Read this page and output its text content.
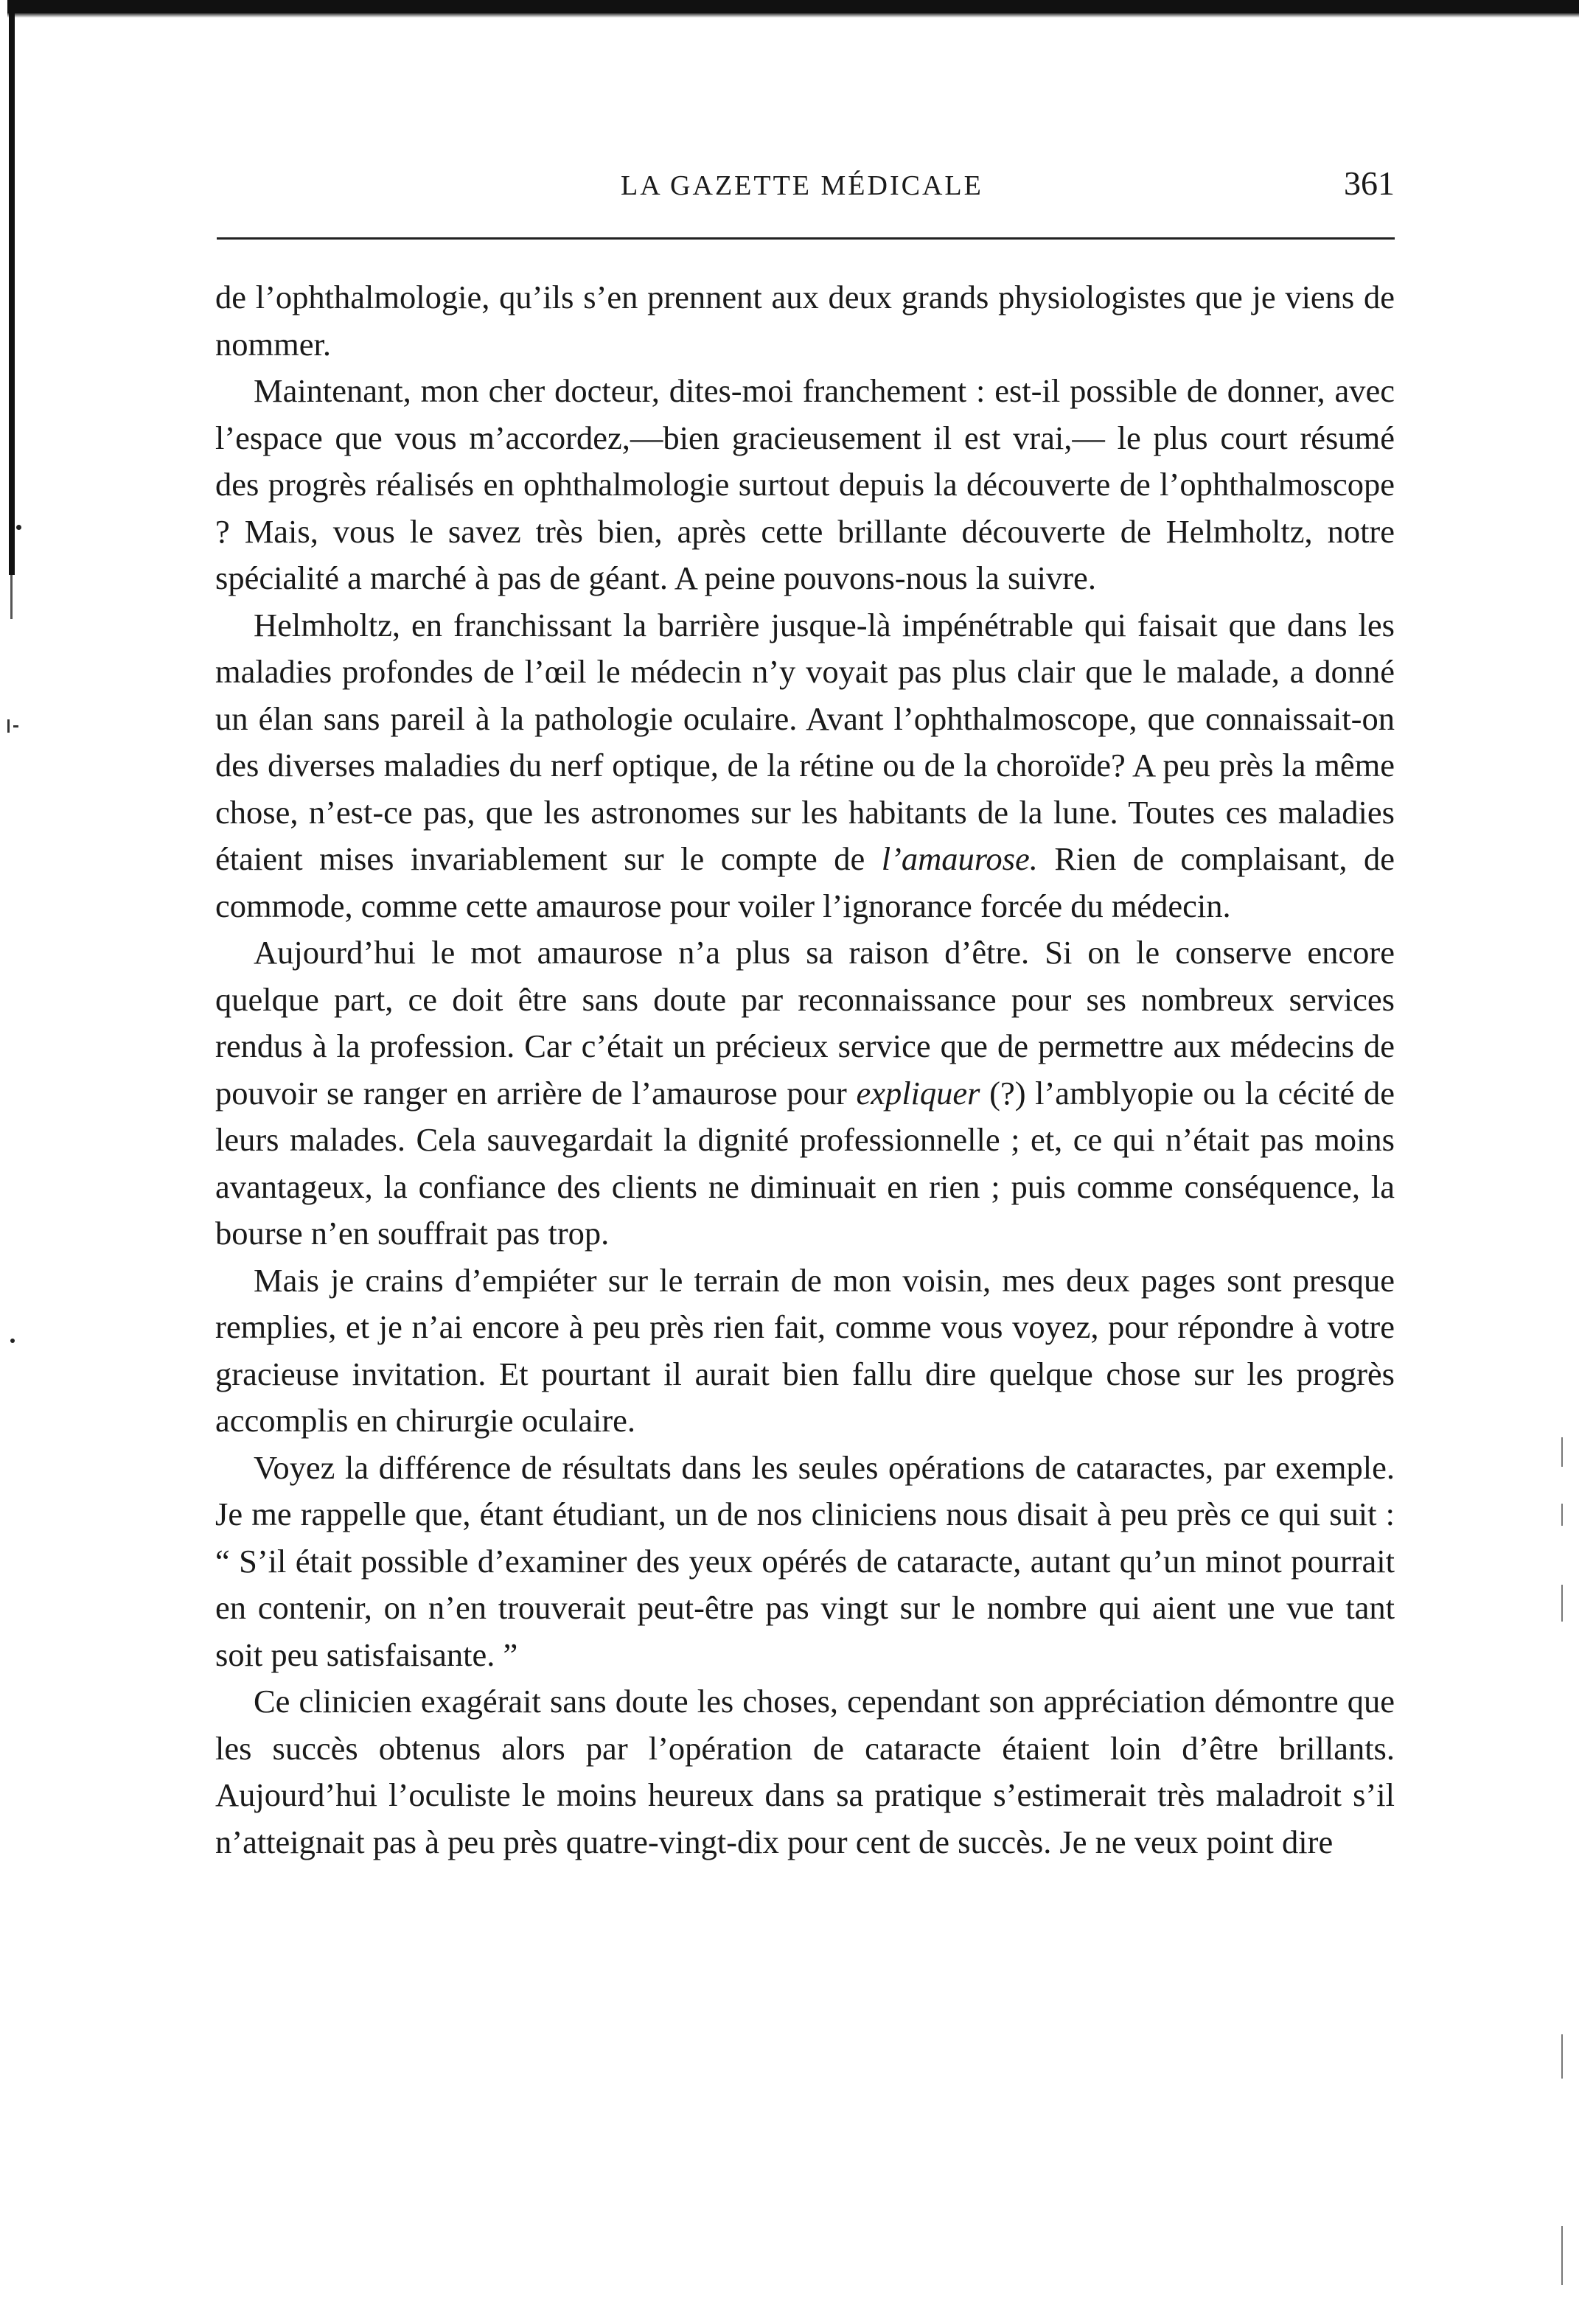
LA GAZETTE MÉDICALE	361

de l’ophthalmologie, qu’ils s’en prennent aux deux grands physiologistes que je viens de nommer.

Maintenant, mon cher docteur, dites-moi franchement : est-il possible de donner, avec l’espace que vous m’accordez,—bien gracieusement il est vrai,— le plus court résumé des progrès réalisés en ophthalmologie surtout depuis la découverte de l’ophthalmoscope ? Mais, vous le savez très bien, après cette brillante découverte de Helmholtz, notre spécialité a marché à pas de géant. A peine pouvons-nous la suivre.

Helmholtz, en franchissant la barrière jusque-là impénétrable qui faisait que dans les maladies profondes de l’œil le médecin n’y voyait pas plus clair que le malade, a donné un élan sans pareil à la pathologie oculaire. Avant l’ophthalmoscope, que connaissait-on des diverses maladies du nerf optique, de la rétine ou de la choroïde? A peu près la même chose, n’est-ce pas, que les astronomes sur les habitants de la lune. Toutes ces maladies étaient mises invariablement sur le compte de l’amaurose. Rien de complaisant, de commode, comme cette amaurose pour voiler l’ignorance forcée du médecin.

Aujourd’hui le mot amaurose n’a plus sa raison d’être. Si on le conserve encore quelque part, ce doit être sans doute par reconnaissance pour ses nombreux services rendus à la profession. Car c’était un précieux service que de permettre aux médecins de pouvoir se ranger en arrière de l’amaurose pour expliquer (?) l’amblyopie ou la cécité de leurs malades. Cela sauvegardait la dignité professionnelle ; et, ce qui n’était pas moins avantageux, la confiance des clients ne diminuait en rien ; puis comme conséquence, la bourse n’en souffrait pas trop.

Mais je crains d’empiéter sur le terrain de mon voisin, mes deux pages sont presque remplies, et je n’ai encore à peu près rien fait, comme vous voyez, pour répondre à votre gracieuse invitation. Et pourtant il aurait bien fallu dire quelque chose sur les progrès accomplis en chirurgie oculaire.

Voyez la différence de résultats dans les seules opérations de cataractes, par exemple. Je me rappelle que, étant étudiant, un de nos cliniciens nous disait à peu près ce qui suit : “ S’il était possible d’examiner des yeux opérés de cataracte, autant qu’un minot pourrait en contenir, on n’en trouverait peut-être pas vingt sur le nombre qui aient une vue tant soit peu satisfaisante. ”

Ce clinicien exagérait sans doute les choses, cependant son appréciation démontre que les succès obtenus alors par l’opération de cataracte étaient loin d’être brillants. Aujourd’hui l’oculiste le moins heureux dans sa pratique s’estimerait très maladroit s’il n’atteignait pas à peu près quatre-vingt-dix pour cent de succès. Je ne veux point dire
